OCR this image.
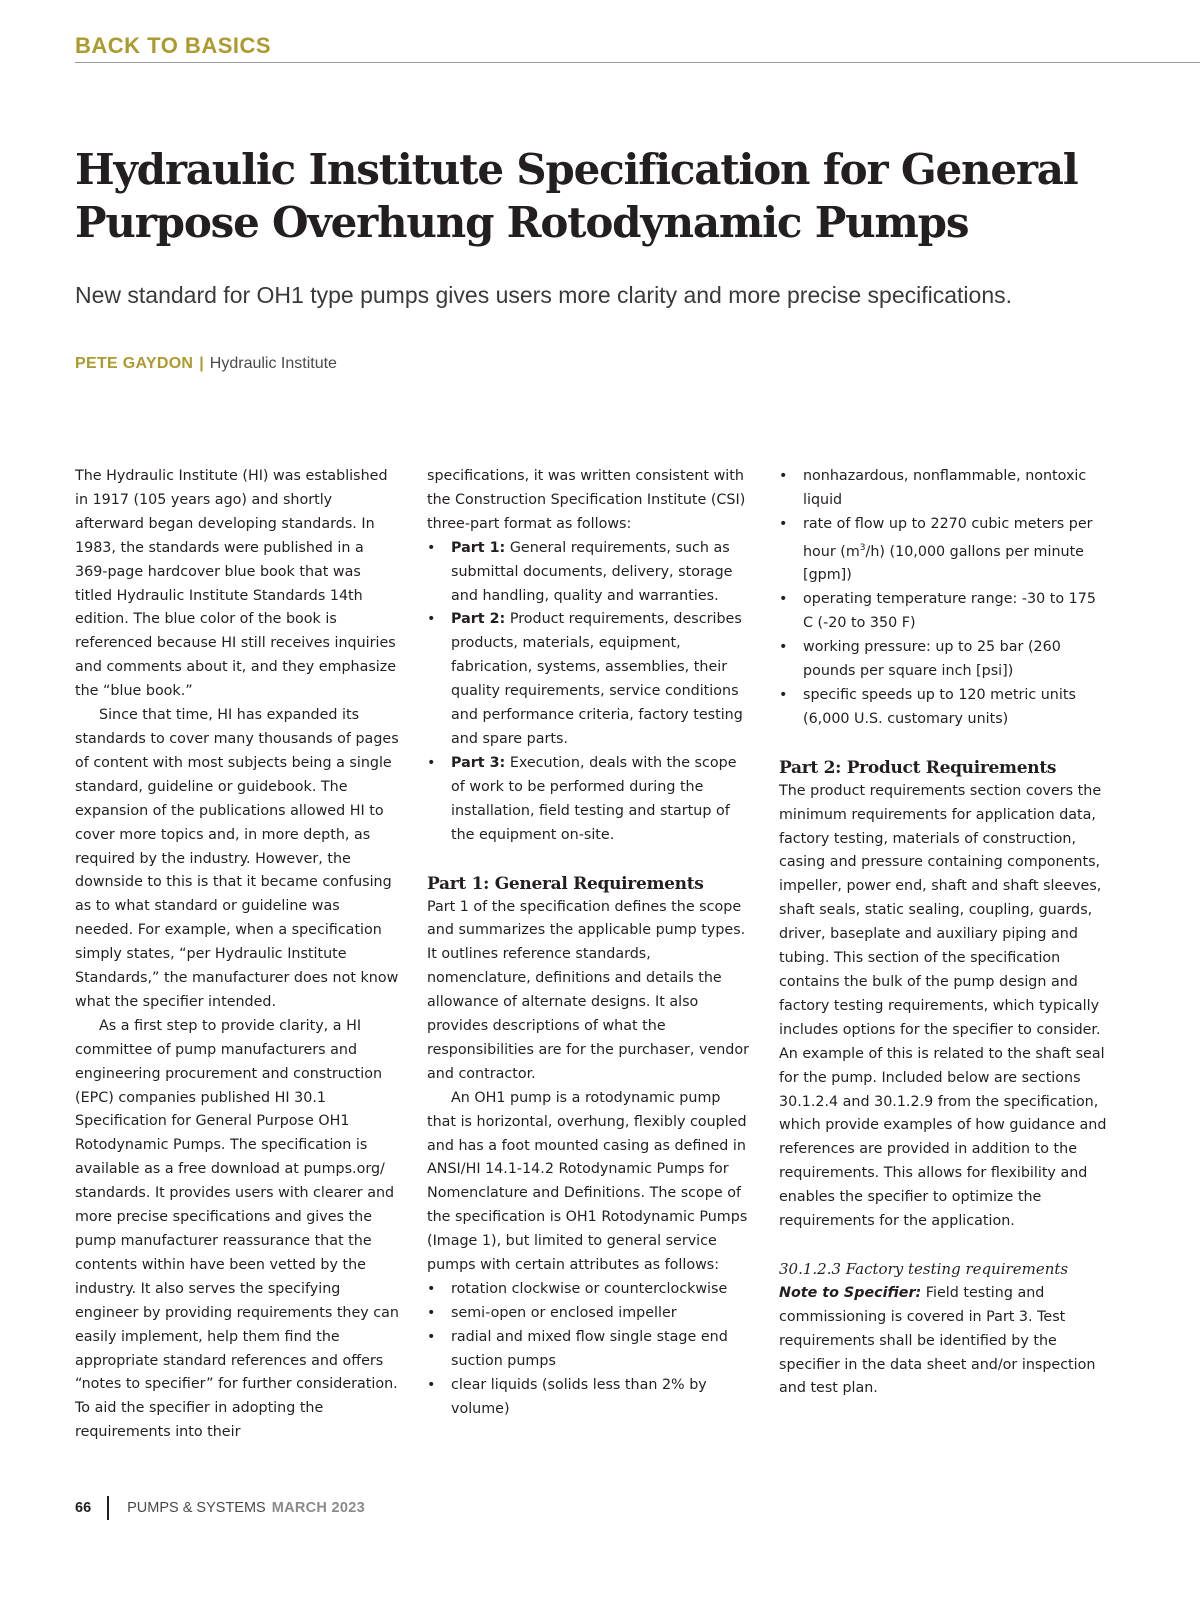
BACK TO BASICS
Hydraulic Institute Specification for General Purpose Overhung Rotodynamic Pumps

New standard for OH1 type pumps gives users more clarity and more precise specifications.

PETE GAYDON | Hydraulic Institute

The Hydraulic Institute (HI) was established in 1917 (105 years ago) and shortly afterward began developing standards. In 1983, the standards were published in a 369-page hardcover blue book that was titled Hydraulic Institute Standards 14th edition. The blue color of the book is referenced because HI still receives inquiries and comments about it, and they emphasize the “blue book.”

Since that time, HI has expanded its standards to cover many thousands of pages of content with most subjects being a single standard, guideline or guidebook. The expansion of the publications allowed HI to cover more topics and, in more depth, as required by the industry. However, the downside to this is that it became confusing as to what standard or guideline was needed. For example, when a specification simply states, “per Hydraulic Institute Standards,” the manufacturer does not know what the specifier intended.

As a first step to provide clarity, a HI committee of pump manufacturers and engineering procurement and construction (EPC) companies published HI 30.1 Specification for General Purpose OH1 Rotodynamic Pumps. The specification is available as a free download at pumps.org/ standards. It provides users with clearer and more precise specifications and gives the pump manufacturer reassurance that the contents within have been vetted by the industry. It also serves the specifying engineer by providing requirements they can easily implement, help them find the appropriate standard references and offers “notes to specifier” for further consideration. To aid the specifier in adopting the requirements into their

specifications, it was written consistent with the Construction Specification Institute (CSI) three-part format as follows:

• Part 1: General requirements, such as submittal documents, delivery, storage and handling, quality and warranties.
• Part 2: Product requirements, describes products, materials, equipment, fabrication, systems, assemblies, their quality requirements, service conditions and performance criteria, factory testing and spare parts.
• Part 3: Execution, deals with the scope of work to be performed during the installation, field testing and startup of the equipment on-site.
Part 1: General Requirements

Part 1 of the specification defines the scope and summarizes the applicable pump types. It outlines reference standards, nomenclature, definitions and details the allowance of alternate designs. It also provides descriptions of what the responsibilities are for the purchaser, vendor and contractor.

An OH1 pump is a rotodynamic pump that is horizontal, overhung, flexibly coupled and has a foot mounted casing as defined in ANSI/HI 14.1-14.2 Rotodynamic Pumps for Nomenclature and Definitions. The scope of the specification is OH1 Rotodynamic Pumps (Image 1), but limited to general service pumps with certain attributes as follows:

• rotation clockwise or counterclockwise
• semi-open or enclosed impeller
• radial and mixed flow single stage end suction pumps
• clear liquids (solids less than 2% by volume)
• nonhazardous, nonflammable, nontoxic liquid
• rate of flow up to 2270 cubic meters per hour $(m^3/h)$ (10,000 gallons per minute [gpm])
• operating temperature range: -30 to 175 C (-20 to 350 F)
• working pressure: up to 25 bar (260 pounds per square inch [psi])
• specific speeds up to 120 metric units (6,000 U.S. customary units)
Part 2: Product Requirements

The product requirements section covers the minimum requirements for application data, factory testing, materials of construction, casing and pressure containing components, impeller, power end, shaft and shaft sleeves, shaft seals, static sealing, coupling, guards, driver, baseplate and auxiliary piping and tubing. This section of the specification contains the bulk of the pump design and factory testing requirements, which typically includes options for the specifier to consider. An example of this is related to the shaft seal for the pump. Included below are sections 30.1.2.4 and 30.1.2.9 from the specification, which provide examples of how guidance and references are provided in addition to the requirements. This allows for flexibility and enables the specifier to optimize the requirements for the application.

30.1.2.3 Factory testing requirements

Note to Specifier: Field testing and commissioning is covered in Part 3. Test requirements shall be identified by the specifier in the data sheet and/or inspection and test plan.

66 PUMPS & SYSTEMS MARCH 2023
